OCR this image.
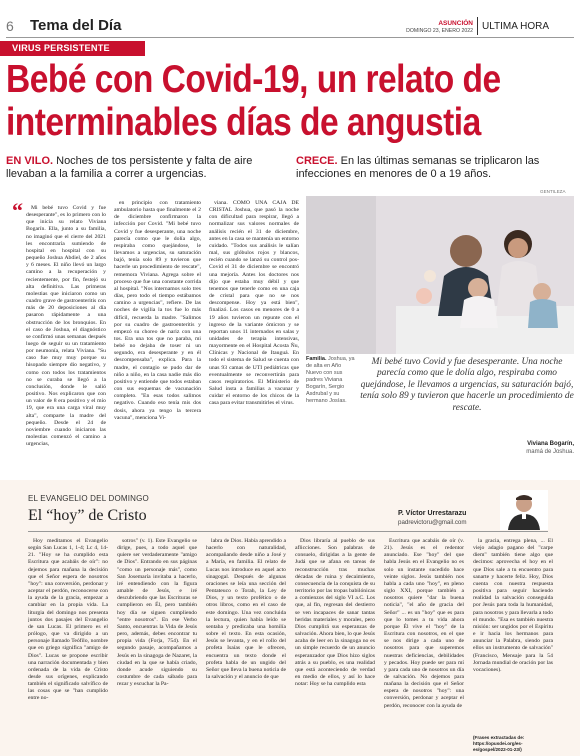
6 Tema del Día	ASUNCIÓN
DOMINGO 23, ENERO 2022 ULTIMA HORA
VIRUS PERSISTENTE
Bebé con Covid-19, un relato de
interminables días de angustia
EN VILO. Noches de tos persistente y falta de aire llevaban a la familia a correr a urgencias.
CRECE. En las últimas semanas se triplicaron las infecciones en menores de 0 a 19 años.
“	Mi bebé tuvo Covid y fue desesperante", es lo primero con lo que inicia su relato Viviana Bogarín. Ella, junto a su familia, no imaginó que el cierre del 2021 les encontraría sumiendo de hospital en hospital con su pequeño Joshua Abdiel, de 2 años y 6 meses. El niño llevó un largo camino a la recuperación y recientemente, por fin, festejó su alta definitiva. Las primeras molestias que iniciaron como un cuadro grave de gastroenteritis con más de 20 deposiciones al día pasaron rápidamente a una obstrucción de los bronquios. En el caso de Joshua, el diagnóstico se confirmó unas semanas después luego de seguir su un tratamiento por neumonía, relata Viviana. "Su caso fue muy muy porque su hisopado siempre dio negativo, y como con todos los tratamientos no se curaba se llegó a la conclusión, donde le salió positivo. Nos explicaron que con un valor de 8 era positivo y el mío 19, que era una carga viral muy alta", comparte la madre del pequeño. Desde el 24 de noviembre cuando iniciaron las molestias comenzó el camino a urgencias,

en principio con tratamiento ambulatorio hasta que finalmente el 2 de diciembre confirmaron la infección por Covid. "Mi bebé tuvo Covid y fue desesperante, una noche parecía como que le dolía algo, respiraba como quejándose, le llevamos a urgencias, su saturación bajó, tenía solo 89 y tuvieron que hacerle un procedimiento de rescate", rememora Viviana. Agrega sobre el proceso que fue una constante corrida al hospital. "Nos internamos solo tres días, pero todo el tiempo estábamos camino a urgencias", refiere. De las noches de vigilia la tos fue lo más difícil, recuerda la madre. "Salimos por su cuadro de gastroenteritis y empezó su choreo de nariz con una tos. Era una tos que no paraba, mi bebé no dejaba de toser ni un segundo, era desesperante y en él descompensaba", explica. Para la madre, el contagio se pudo dar de niño a niño, en la casa nadie más dio positivo y entiende que todos estaban con sus esquemas de vacunación completo. "En esas todos salimos negativo. Cuando eso tenía mis dos dosis, ahora ya tengo la tercera vacuna", menciona Vi-

viana. COMO UNA CAJA DE CRISTAL Joshua, que pasó la noche con dificultad para respirar, llegó a normalizar sus valores normales de análisis recién el 31 de diciembre, antes en la casa se mantenía un entorno cuidado. "Todos sus análisis le salían mal, sus glóbulos rojos y blancos, recién cuando se lanzó su control pos-Covid el 31 de diciembre se encontró una mejoría. Antes los doctores nos dijo que estaba muy débil y que tenemos que tenerle como en una caja de cristal para que no se nos descompense. Hoy ya está bien", finalizó. Los casos en menores de 0 a 19 años tuvieron un repunte con el ingreso de la variante ómicron y se reportan unos 11 internados en salas y unidades de terapia intensivas, mayormente en el Hospital Acosta Ñu, Clínicas y Nacional de Itauguá. En todo el sistema de Salud se cuenta con unas 93 camas de UTI pediátricas que eventualmente se reconvertirán para casos respiratorios. El Ministerio de Salud insta a familias a vacunar y cuidar el entorno de los chicos de la casa para evitar transmitirles el virus.

GENTILEZA
Familia. Joshua, ya de alta en Año Nuevo con sus padres Viviana Bogarín, Sergio Asdrubal y su hermano Josías.
Mi bebé tuvo Covid y fue desesperante. Una noche parecía como que le dolía algo, respiraba como quejándose, le llevamos a urgencias, su saturación bajó, tenía solo 89 y tuvieron que hacerle un procedimiento de rescate.
Viviana Bogarín,
mamá de Joshua.
EL EVANGELIO DEL DOMINGO
El “hoy” de Cristo	P. Víctor Urrestarazu
padrevictoru@gmail.com

Hoy meditamos el Evangelio según San Lucas 1, 1-4; Lc 4, 14-21. "Hoy se ha cumplido esta Escritura que acabáis de oír": no dejemos para mañana la decisión que el Señor espera de nosotros "hoy": una conversión, perdonar y aceptar el perdón, reconocerse con la ayuda de la gracia, empezar a cambiar en la propia vida. La liturgia del domingo nos presenta juntos dos pasajes del Evangelio de san Lucas. El primero es el prólogo, que va dirigido a un personaje llamado Teófilo, nombre que en griego significa "amigo de Dios". Lucas se propone escribir una narración documentada y bien ordenada de la vida de Cristo desde sus orígenes, explicando también el significado salvífico de las cosas que se "han cumplido entre no-

sotros" (v. 1). Este Evangelio se dirige, pues, a todo aquel que quiere ser verdaderamente "amigo de Dios". Entrando en sus páginas "como un personaje más", como San Josemaría invitaba a hacerlo, iré entendiendo con la figura amable de Jesús, e iré descubriendo que las Escrituras se cumplieron en Él, pero también hoy día se siguen cumpliendo "entre nosotros". En ese Verbo Santo, encuentras la Vida de Jesús pero, además, debes encontrar tu propia vida (Forja, 754). En el segundo pasaje, acompañamos a Jesús en la sinagoga de Nazaret, la ciudad en la que se había criado, donde acude siguiendo su costumbre de cada sábado para rezar y escuchar la Pa-

labra de Dios. Había aprendido a hacerlo con naturalidad, acompañando desde niño a José y a María, en familia. El relato de Lucas nos introduce en aquel acto sinagogal. Después de algunas oraciones se leía una sección del Pentateuco o Torah, la Ley de Dios, y un texto profético o de otros libros, como en el caso de este domingo. Una vez concluida la lectura, quien había leído se sentaba y predicaba una homilía sobre el texto. En esta ocasión, Jesús se levanta, y en el rollo del profeta Isaías que le ofrecen, encuentra un texto donde el profeta habla de un ungido del Señor que lleva la buena noticia de la salvación y el anuncio de que

Dios libraría al pueblo de sus aflicciones. Son palabras de consuelo, dirigidas a la gente de Judá que se afana en tareas de reconstrucción tras muchas décadas de ruina y decaimiento, consecuencia de la conquista de su territorio por las tropas babilónicas a comienzos del siglo VI a.C. Los que, al fin, regresan del destierro se ven incapaces de sanar tantas heridas materiales y morales, pero Dios cumplirá sus esperanzas de salvación. Ahora bien, lo que Jesús acaba de leer en la sinagoga no es un simple recuerdo de un anuncio esperanzador que Dios hizo siglos atrás a su pueblo, es una realidad que está aconteciendo de verdad en medio de ellos, y así lo hace notar: Hoy se ha cumplido esta

Escritura que acabáis de oír (v. 21). Jesús es el redentor anunciado. Ese "hoy" del que habla Jesús en el Evangelio no es solo un instante sucedido hace veinte siglos. Jesús también nos habla a cada uno "hoy", en pleno siglo XXI, porque también a nosotros quiere "dar la buena noticia", "el año de gracia del Señor" ... es un "hoy" que es para que lo tomes a tu vida ahora porque Él vive el "hoy" de la Escritura con nosotros, en el que se nos dirige a cada uno de nosotros para que superemos nuestras deficiencias, debilidades y pecados. Hoy puede ser para mí y para cada uno de nosotros un día de salvación. No dejemos para mañana la decisión que el Señor espera de nosotros "hoy": una conversión, perdonar y aceptar el perdón, reconocer con la ayuda de

la gracia, entrega plena, ... El viejo adagio pagano del "carpe diem" también tiene algo que decimos: aprovecha el hoy en el que Dios sale a tu encuentro para sanarte y hacerte feliz. Hoy, Dios cuenta con nuestra respuesta positiva para seguir haciendo realidad la salvación conseguida por Jesús para toda la humanidad, para nosotros y para llevarla a todo el mundo. "Esa es también nuestra misión: ser ungidos por el Espíritu e ir hacia los hermanos para anunciar la Palabra, siendo para ellos un instrumento de salvación" (Francisco, Mensaje para la 54 Jornada mundial de oración por las vocaciones).

(Frases extractadas de: https://opusdei.org/es-es/gospel/2022-01-23/)
